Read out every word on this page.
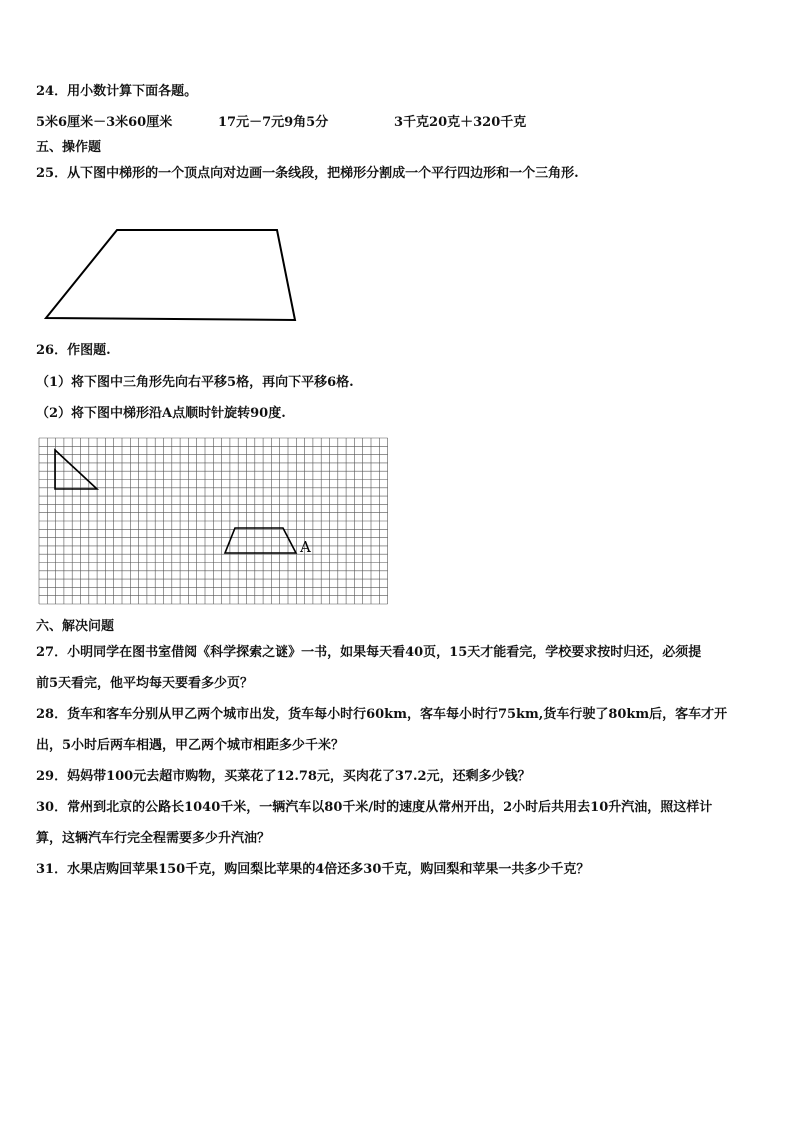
24．用小数计算下面各题。
5米6厘米－3米60厘米	17元－7元9角5分	3千克20克＋320千克
五、操作题
25．从下图中梯形的一个顶点向对边画一条线段，把梯形分割成一个平行四边形和一个三角形.
26．作图题.
（1）将下图中三角形先向右平移5格，再向下平移6格.
（2）将下图中梯形沿A点顺时针旋转90度.
A
六、解决问题
27．小明同学在图书室借阅《科学探索之谜》一书，如果每天看40页，15天才能看完，学校要求按时归还，必须提
前5天看完，他平均每天要看多少页？
28．货车和客车分别从甲乙两个城市出发，货车每小时行60km，客车每小时行75km,货车行驶了80km后，客车才开
出，5小时后两车相遇，甲乙两个城市相距多少千米？
29．妈妈带100元去超市购物，买菜花了12.78元，买肉花了37.2元，还剩多少钱？
30．常州到北京的公路长1040千米，一辆汽车以80千米/时的速度从常州开出，2小时后共用去10升汽油，照这样计
算，这辆汽车行完全程需要多少升汽油？
31．水果店购回苹果150千克，购回梨比苹果的4倍还多30千克，购回梨和苹果一共多少千克？
